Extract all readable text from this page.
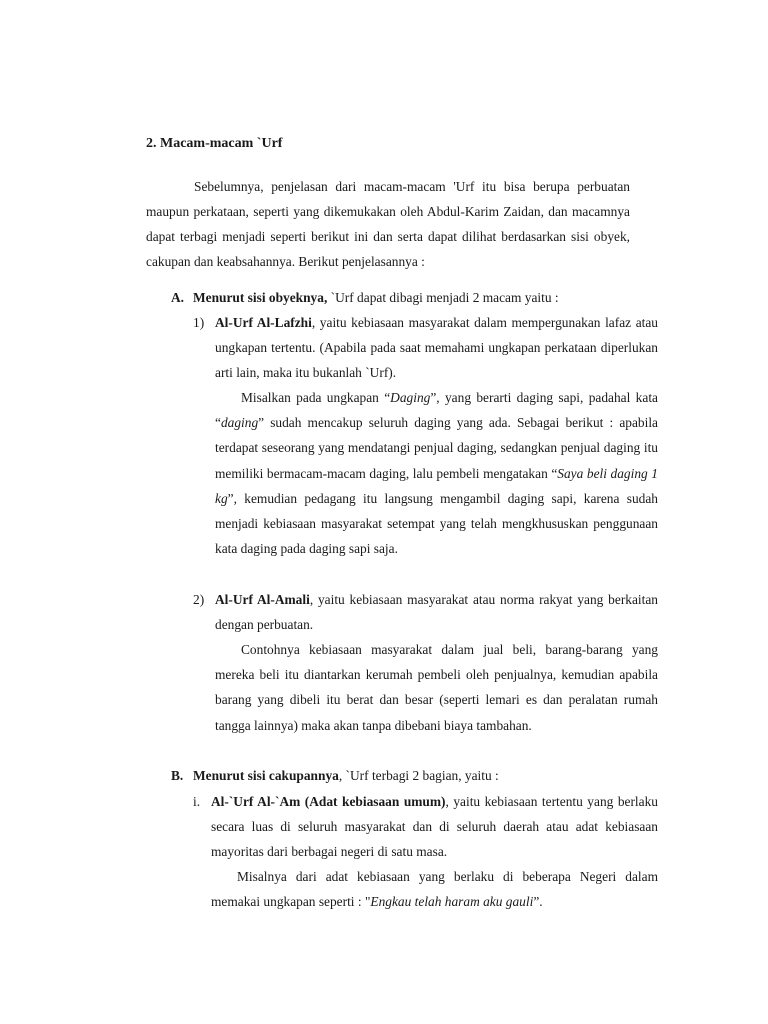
2. Macam-macam `Urf

Sebelumnya, penjelasan dari macam-macam 'Urf itu bisa berupa perbuatan maupun perkataan, seperti yang dikemukakan oleh Abdul-Karim Zaidan, dan macamnya dapat terbagi menjadi seperti berikut ini dan serta dapat dilihat berdasarkan sisi obyek, cakupan dan keabsahannya. Berikut penjelasannya :

A. Menurut sisi obyeknya, `Urf dapat dibagi menjadi 2 macam yaitu :

1) Al-Urf Al-Lafzhi, yaitu kebiasaan masyarakat dalam mempergunakan lafaz atau ungkapan tertentu. (Apabila pada saat memahami ungkapan perkataan diperlukan arti lain, maka itu bukanlah `Urf).

Misalkan pada ungkapan “Daging”, yang berarti daging sapi, padahal kata “daging” sudah mencakup seluruh daging yang ada. Sebagai berikut : apabila terdapat seseorang yang mendatangi penjual daging, sedangkan penjual daging itu memiliki bermacam-macam daging, lalu pembeli mengatakan “Saya beli daging 1 kg”, kemudian pedagang itu langsung mengambil daging sapi, karena sudah menjadi kebiasaan masyarakat setempat yang telah mengkhususkan penggunaan kata daging pada daging sapi saja.

2) Al-Urf Al-Amali, yaitu kebiasaan masyarakat atau norma rakyat yang berkaitan dengan perbuatan.

Contohnya kebiasaan masyarakat dalam jual beli, barang-barang yang mereka beli itu diantarkan kerumah pembeli oleh penjualnya, kemudian apabila barang yang dibeli itu berat dan besar (seperti lemari es dan peralatan rumah tangga lainnya) maka akan tanpa dibebani biaya tambahan.

B. Menurut sisi cakupannya, `Urf terbagi 2 bagian, yaitu :

i. Al-`Urf Al-`Am (Adat kebiasaan umum), yaitu kebiasaan tertentu yang berlaku secara luas di seluruh masyarakat dan di seluruh daerah atau adat kebiasaan mayoritas dari berbagai negeri di satu masa.

Misalnya dari adat kebiasaan yang berlaku di beberapa Negeri dalam memakai ungkapan seperti : "Engkau telah haram aku gauli”.
